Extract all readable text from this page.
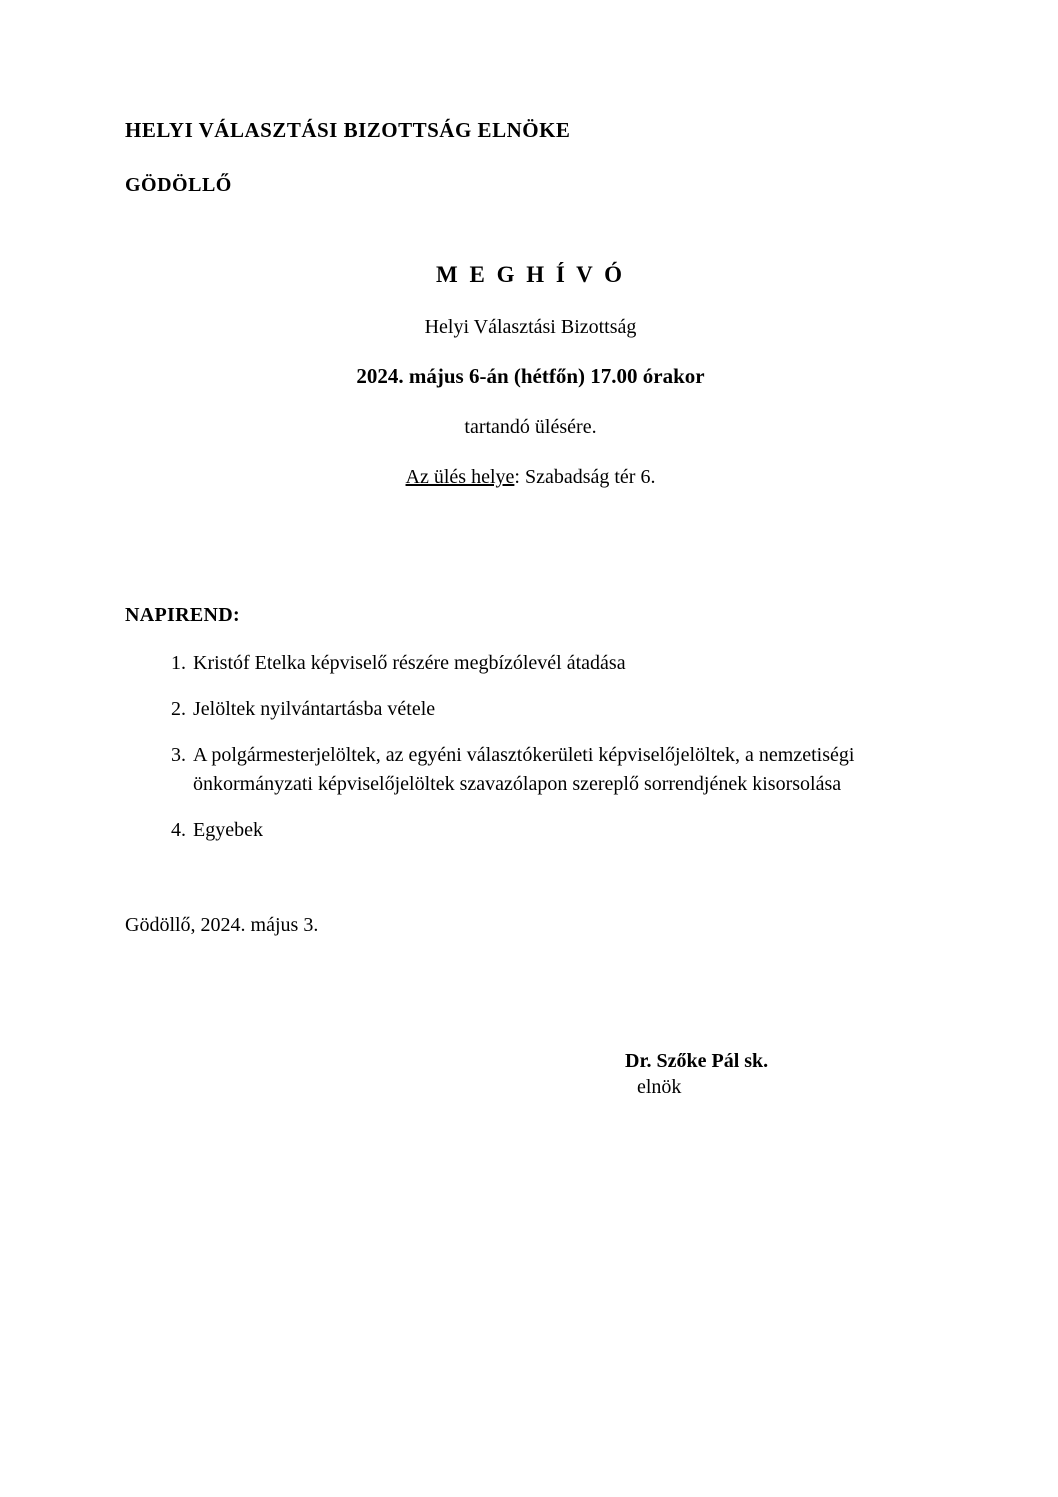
HELYI VÁLASZTÁSI BIZOTTSÁG ELNÖKE

GÖDÖLLŐ

M E G H Í V Ó

Helyi Választási Bizottság

2024. május 6-án (hétfőn) 17.00 órakor

tartandó ülésére.

Az ülés helye: Szabadság tér 6.

NAPIREND:

1. Kristóf Etelka képviselő részére megbízólevél átadása
2. Jelöltek nyilvántartásba vétele
3. A polgármesterjelöltek, az egyéni választókerületi képviselőjelöltek, a nemzetiségi önkormányzati képviselőjelöltek szavazólapon szereplő sorrendjének kisorsolása
4. Egyebek

Gödöllő, 2024. május 3.

Dr. Szőke Pál sk.

elnök
